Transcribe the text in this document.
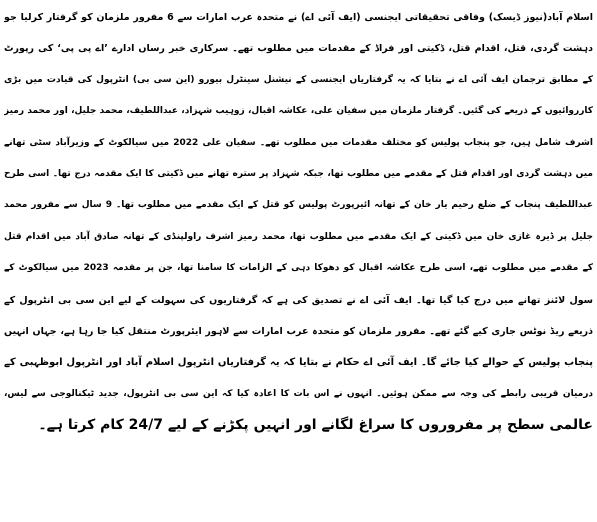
اسلام آباد(نیوز ڈیسک) وفاقی تحقیقاتی ایجنسی (ایف آئی اے) نے متحدہ عرب امارات سے 6 مفرور ملزمان کو گرفتار کرلیا جو
دہشت گردی، قتل، اقدام قتل، ڈکیتی اور فراڈ کے مقدمات میں مطلوب تھے۔ سرکاری خبر رساں ادارے ’اے پی پی‘ کی رپورٹ
کے مطابق ترجمان ایف آئی اے نے بتایا کہ یہ گرفتاریاں ایجنسی کے نیشنل سینٹرل بیورو (این سی بی) انٹرپول کی قیادت میں بڑی
کارروائیوں کے ذریعے کی گئیں۔ گرفتار ملزمان میں سفیان علی، عکاشہ اقبال، زوہیب شہزاد، عبداللطیف، محمد جلیل، اور محمد رمیز
اشرف شامل ہیں، جو پنجاب پولیس کو مختلف مقدمات میں مطلوب تھے۔ سفیان علی 2022 میں سیالکوٹ کے وزیرآباد سٹی تھانے
میں دہشت گردی اور اقدام قتل کے مقدمے میں مطلوب تھا، جبکہ شہزاد پر ستره تھانے میں ڈکیتی کا ایک مقدمہ درج تھا۔ اسی طرح
عبداللطیف پنجاب کے ضلع رحیم یار خان کے تھانہ ائیرپورٹ پولیس کو قتل کے ایک مقدمے میں مطلوب تھا۔ 9 سال سے مفرور محمد
جلیل پر ڈیرہ غازی خان میں ڈکیتی کے ایک مقدمے میں مطلوب تھا، محمد رمیز اشرف راولپنڈی کے تھانہ صادق آباد میں اقدام قتل
کے مقدمے میں مطلوب تھے، اسی طرح عکاشہ اقبال کو دھوکا دہی کے الزامات کا سامنا تھا، جن پر مقدمہ 2023 میں سیالکوٹ کے
سول لائنز تھانے میں درج کیا گیا تھا۔ ایف آئی اے نے تصدیق کی ہے کہ گرفتاریوں کی سہولت کے لیے این سی بی انٹرپول کے
ذریعے ریڈ نوٹس جاری کیے گئے تھے۔ مفرور ملزمان کو متحدہ عرب امارات سے لاہور ایئرپورٹ منتقل کیا جا رہا ہے، جہاں انہیں
پنجاب پولیس کے حوالے کیا جائے گا۔ ایف آئی اے حکام نے بتایا کہ یہ گرفتاریاں انٹرپول اسلام آباد اور انٹرپول ابوظہبی کے
درمیان قریبی رابطے کی وجہ سے ممکن ہوئیں۔ انہوں نے اس بات کا اعادہ کیا کہ این سی بی انٹرپول، جدید ٹیکنالوجی سے لیس،
عالمی سطح پر مفروروں کا سراغ لگانے اور انہیں پکڑنے کے لیے 24/7 کام کرتا ہے۔
